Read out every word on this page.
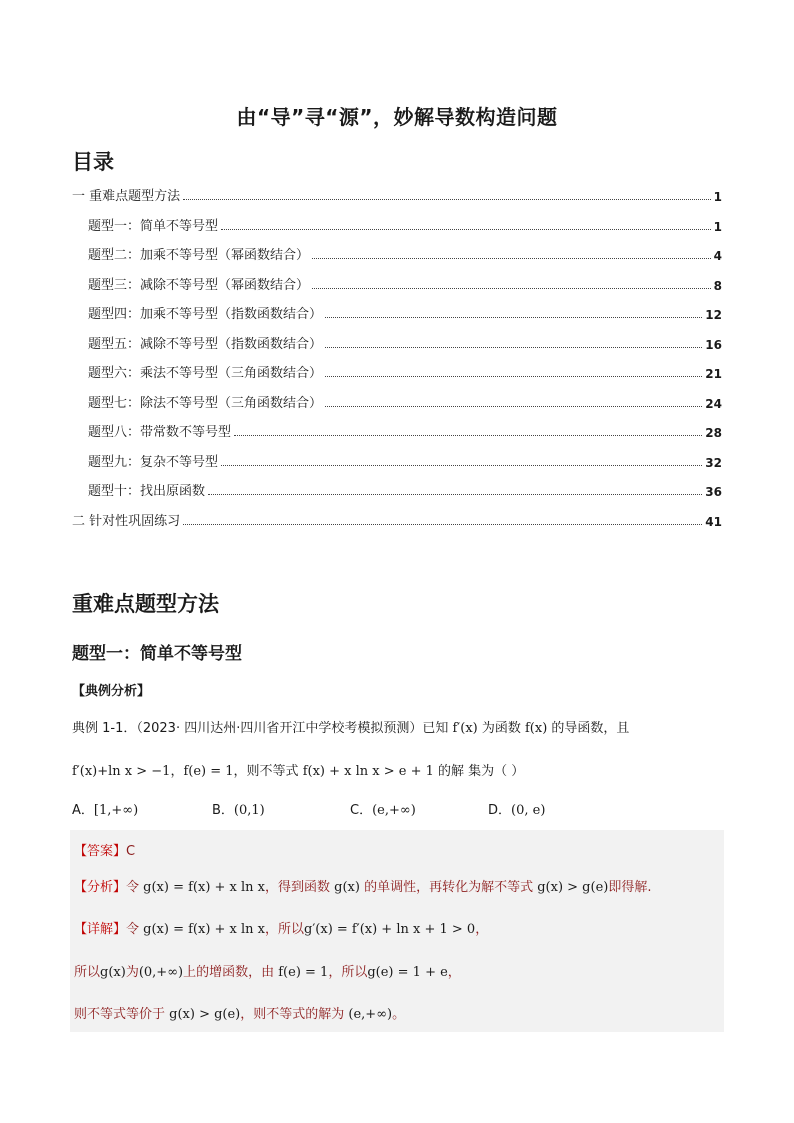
由“导”寻“源”，妙解导数构造问题
目录
一 重难点题型方法	1
题型一：简单不等号型	1
题型二：加乘不等号型（幂函数结合）	4
题型三：减除不等号型（幂函数结合）	8
题型四：加乘不等号型（指数函数结合）	12
题型五：减除不等号型（指数函数结合）	16
题型六：乘法不等号型（三角函数结合）	21
题型七：除法不等号型（三角函数结合）	24
题型八：带常数不等号型	28
题型九：复杂不等号型	32
题型十：找出原函数	36
二 针对性巩固练习	41
重难点题型方法
题型一：简单不等号型
【典例分析】
典例 1-1．（2023· 四川达州·四川省开江中学校考模拟预测）已知 f′(x) 为函数 f(x) 的导函数，且
f′(x)+ln x > −1，f(e) = 1，则不等式 f(x) + x ln x > e + 1 的解 集为（ ）
A．[1,+∞)	B．(0,1)	C．(e,+∞)	D．(0, e)
【答案】C
【分析】令 g(x) = f(x) + x ln x，得到函数 g(x) 的单调性，再转化为解不等式 g(x) > g(e)即得解.
【详解】令 g(x) = f(x) + x ln x，所以g′(x) = f′(x) + ln x + 1 > 0，
所以g(x)为(0,+∞)上的增函数，由 f(e) = 1，所以g(e) = 1 + e，
则不等式等价于 g(x) > g(e)，则不等式的解为 (e,+∞)。
